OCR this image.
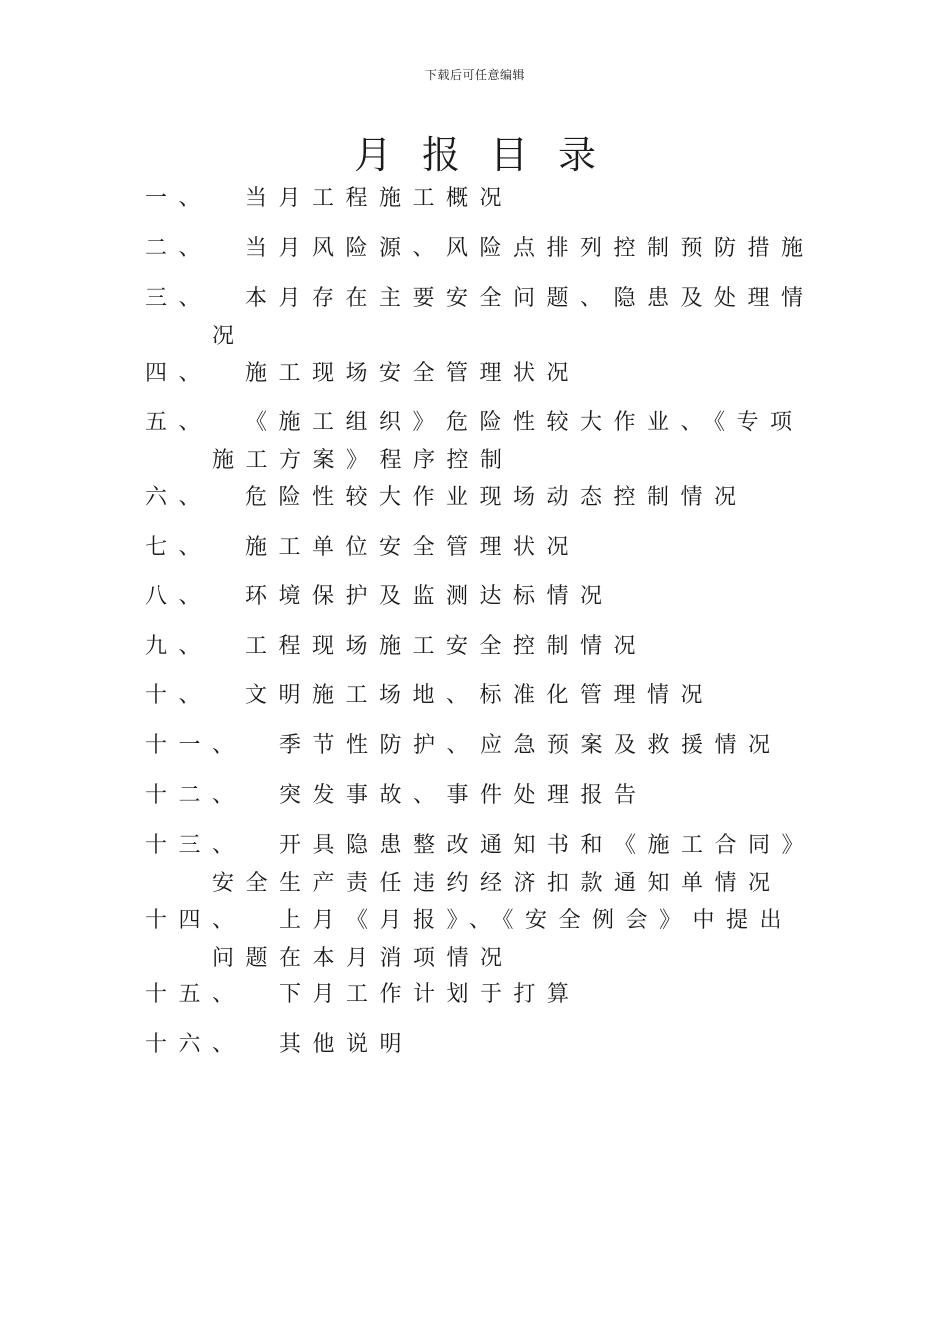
下载后可任意编辑
月报目录
一、 当月工程施工概况
二、 当月风险源、风险点排列控制预防措施
三、 本月存在主要安全问题、隐患及处理情
况
四、 施工现场安全管理状况
五、 《施工组织》危险性较大作业、《专项
施工方案》程序控制
六、 危险性较大作业现场动态控制情况
七、 施工单位安全管理状况
八、 环境保护及监测达标情况
九、 工程现场施工安全控制情况
十、 文明施工场地、标准化管理情况
十一、 季节性防护、应急预案及救援情况
十二、 突发事故、事件处理报告
十三、 开具隐患整改通知书和《施工合同》
安全生产责任违约经济扣款通知单情况
十四、 上月《月报》、《安全例会》中提出
问题在本月消项情况
十五、 下月工作计划于打算
十六、 其他说明
